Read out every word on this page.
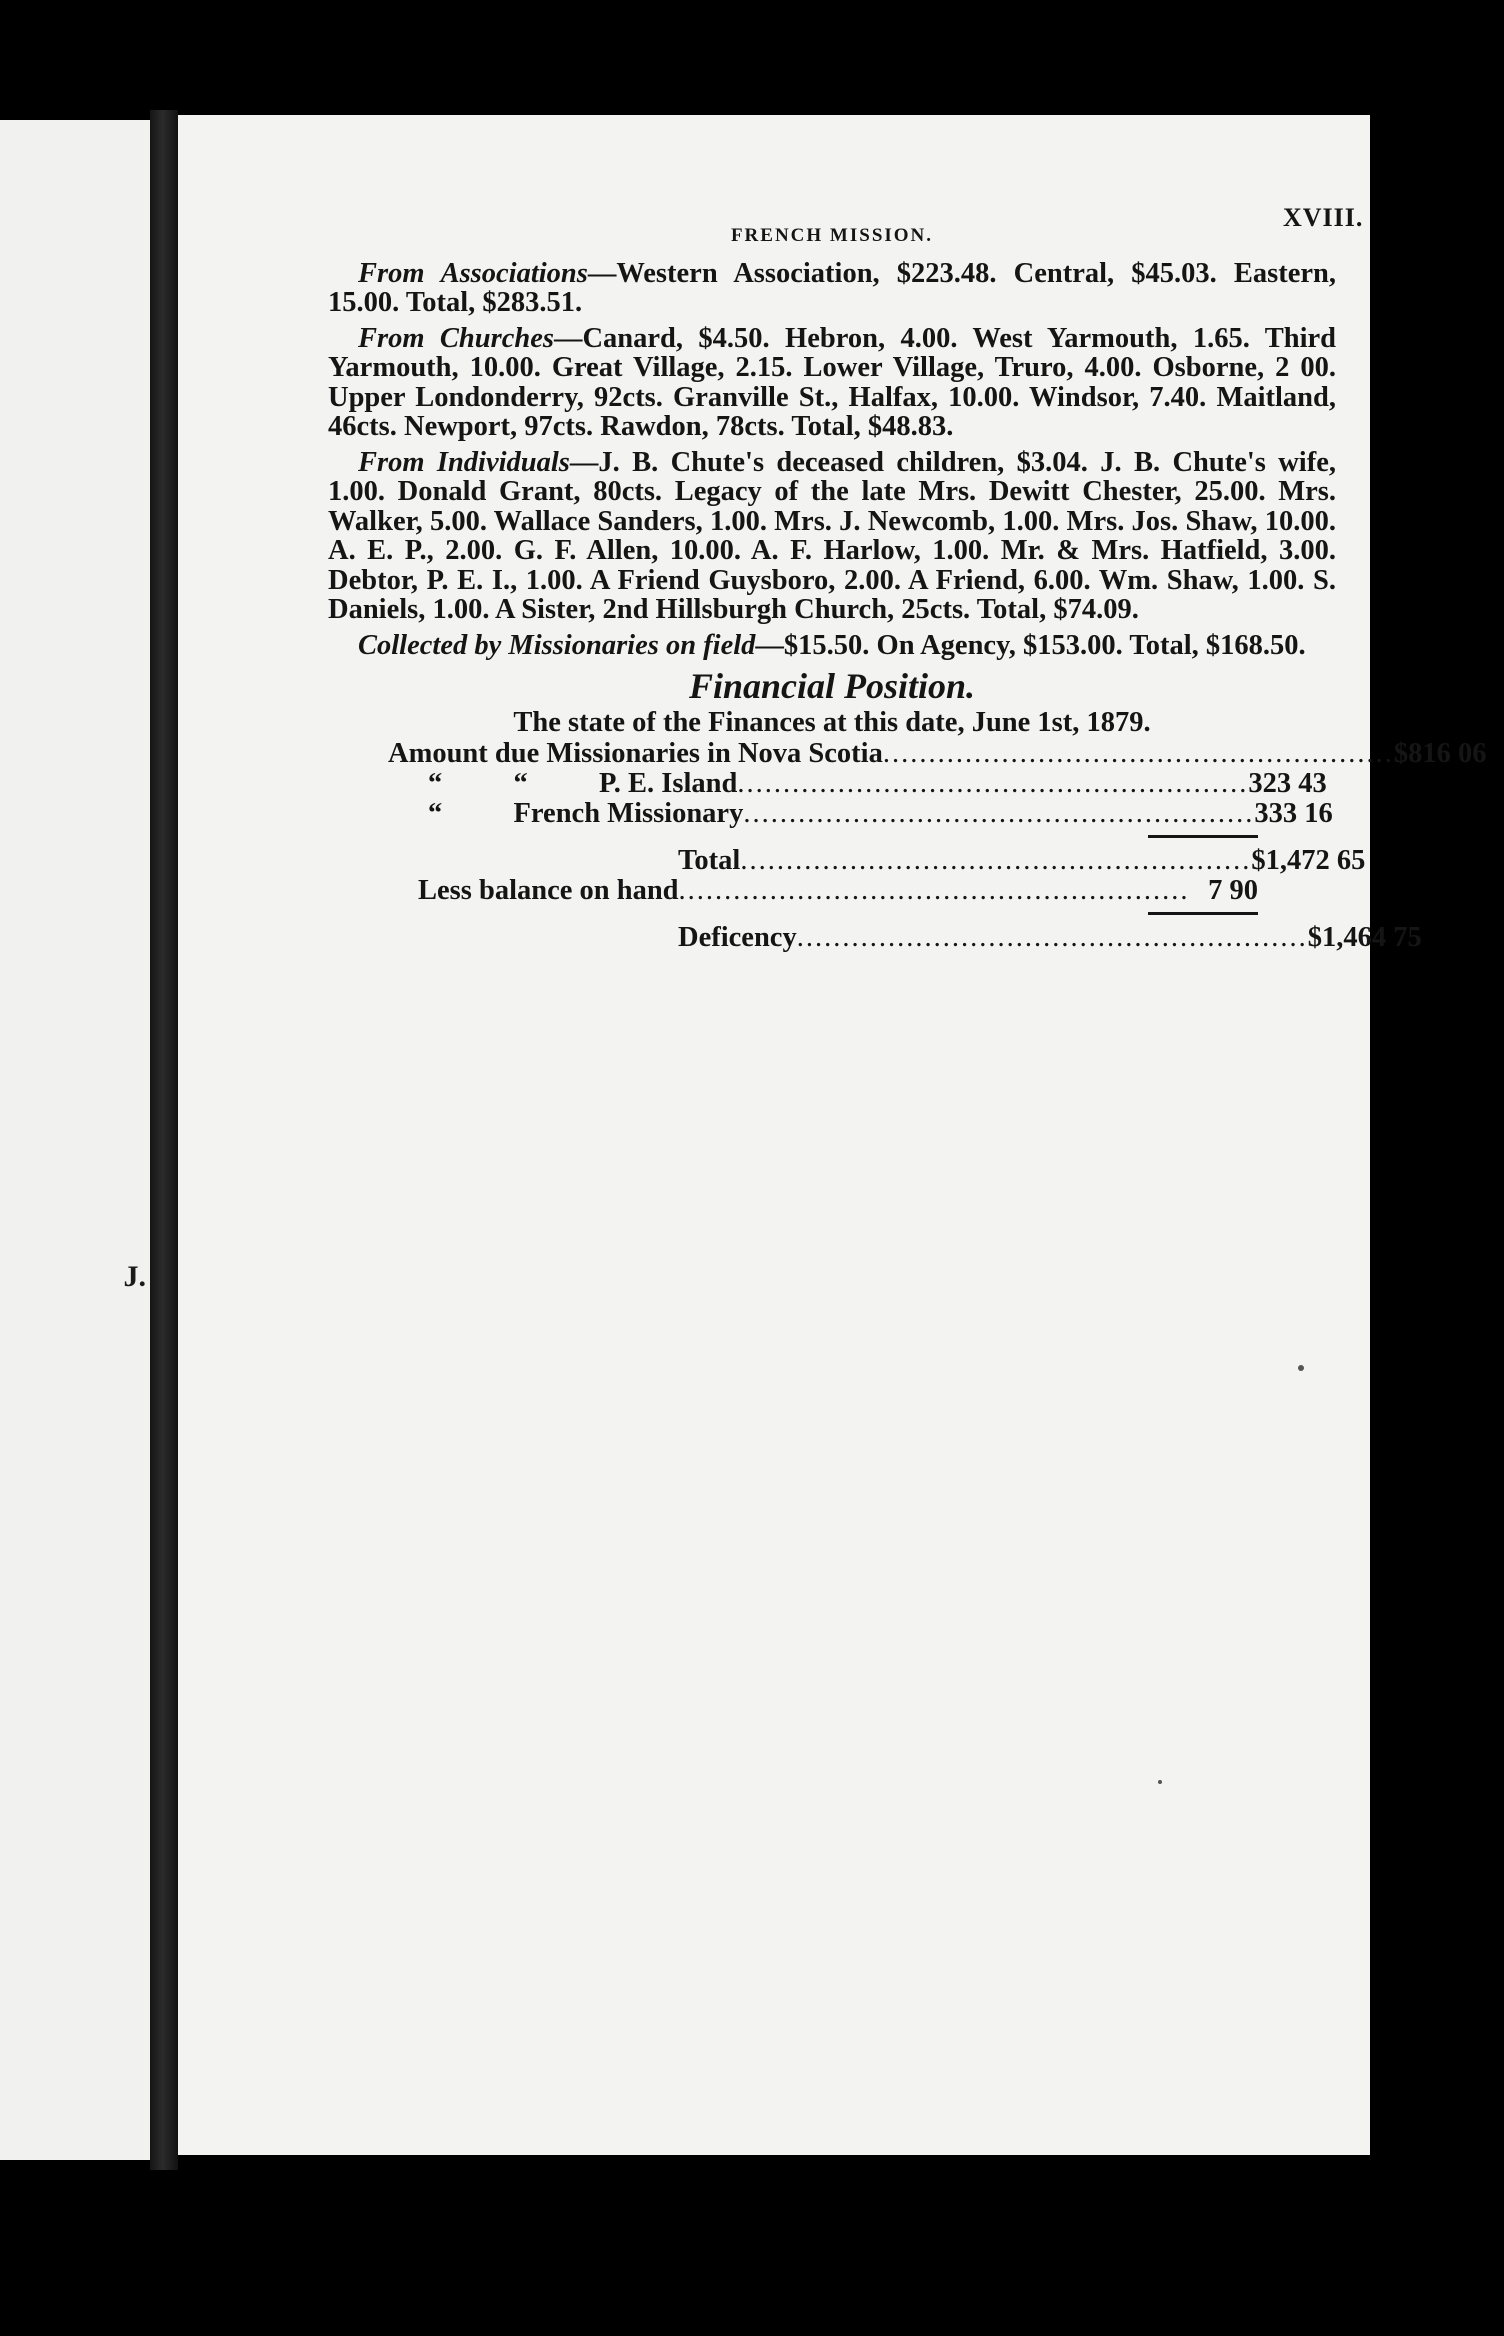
J.
XVIII.
FRENCH MISSION.

From Associations—Western Association, $223.48. Central, $45.03. Eastern, 15.00. Total, $283.51.

From Churches—Canard, $4.50. Hebron, 4.00. West Yarmouth, 1.65. Third Yarmouth, 10.00. Great Village, 2.15. Lower Village, Truro, 4.00. Osborne, 2 00. Upper Londonderry, 92cts. Granville St., Halfax, 10.00. Windsor, 7.40. Maitland, 46cts. Newport, 97cts. Rawdon, 78cts. Total, $48.83.

From Individuals—J. B. Chute's deceased children, $3.04. J. B. Chute's wife, 1.00. Donald Grant, 80cts. Legacy of the late Mrs. Dewitt Chester, 25.00. Mrs. Walker, 5.00. Wallace Sanders, 1.00. Mrs. J. Newcomb, 1.00. Mrs. Jos. Shaw, 10.00. A. E. P., 2.00. G. F. Allen, 10.00. A. F. Harlow, 1.00. Mr. & Mrs. Hatfield, 3.00. Debtor, P. E. I., 1.00. A Friend Guysboro, 2.00. A Friend, 6.00. Wm. Shaw, 1.00. S. Daniels, 1.00. A Sister, 2nd Hillsburgh Church, 25cts. Total, $74.09.

Collected by Missionaries on field—$15.50. On Agency, $153.00. Total, $168.50.

Financial Position.
The state of the Finances at this date, June 1st, 1879.
Amount due Missionaries in Nova Scotia ........................................................ $816 06
“          “          P. E. Island ........................................................ 323 43
“          French Missionary ........................................................ 333 16
Total ........................................................ $1,472 65
Less balance on hand ........................................................ 7 90
Deficency ........................................................ $1,464 75
